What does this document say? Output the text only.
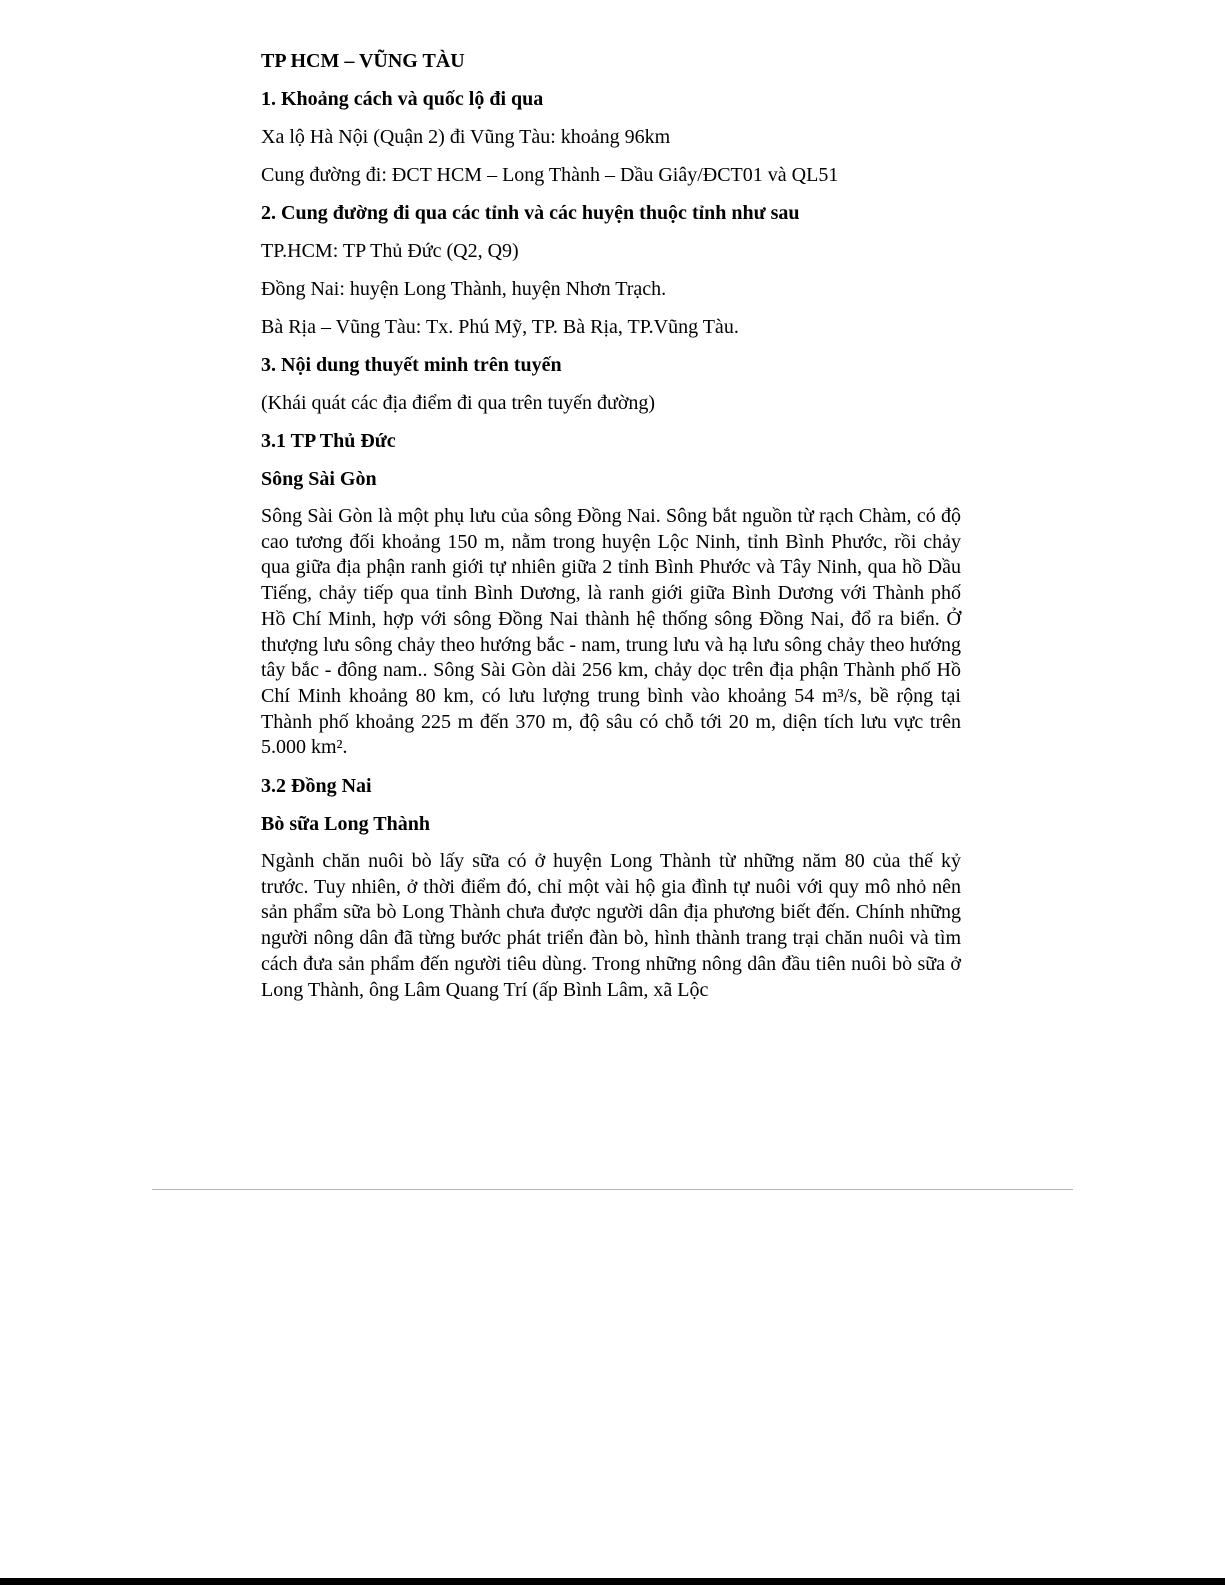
TP HCM – VŨNG TÀU
1. Khoảng cách và quốc lộ đi qua
Xa lộ Hà Nội (Quận 2) đi Vũng Tàu: khoảng 96km
Cung đường đi: ĐCT HCM – Long Thành – Dầu Giây/ĐCT01 và QL51
2. Cung đường đi qua các tỉnh và các huyện thuộc tỉnh như sau
TP.HCM: TP Thủ Đức (Q2, Q9)
Đồng Nai: huyện Long Thành, huyện Nhơn Trạch.
Bà Rịa – Vũng Tàu: Tx. Phú Mỹ, TP. Bà Rịa, TP.Vũng Tàu.
3. Nội dung thuyết minh trên tuyến
(Khái quát các địa điểm đi qua trên tuyến đường)
3.1 TP Thủ Đức
Sông Sài Gòn
Sông Sài Gòn là một phụ lưu của sông Đồng Nai. Sông bắt nguồn từ rạch Chàm, có độ cao tương đối khoảng 150 m, nằm trong huyện Lộc Ninh, tỉnh Bình Phước, rồi chảy qua giữa địa phận ranh giới tự nhiên giữa 2 tỉnh Bình Phước và Tây Ninh, qua hồ Dầu Tiếng, chảy tiếp qua tỉnh Bình Dương, là ranh giới giữa Bình Dương với Thành phố Hồ Chí Minh, hợp với sông Đồng Nai thành hệ thống sông Đồng Nai, đổ ra biển. Ở thượng lưu sông chảy theo hướng bắc - nam, trung lưu và hạ lưu sông chảy theo hướng tây bắc - đông nam.. Sông Sài Gòn dài 256 km, chảy dọc trên địa phận Thành phố Hồ Chí Minh khoảng 80 km, có lưu lượng trung bình vào khoảng 54 m³/s, bề rộng tại Thành phố khoảng 225 m đến 370 m, độ sâu có chỗ tới 20 m, diện tích lưu vực trên 5.000 km².
3.2 Đồng Nai
Bò sữa Long Thành
Ngành chăn nuôi bò lấy sữa có ở huyện Long Thành từ những năm 80 của thế kỷ trước. Tuy nhiên, ở thời điểm đó, chỉ một vài hộ gia đình tự nuôi với quy mô nhỏ nên sản phẩm sữa bò Long Thành chưa được người dân địa phương biết đến. Chính những người nông dân đã từng bước phát triển đàn bò, hình thành trang trại chăn nuôi và tìm cách đưa sản phẩm đến người tiêu dùng. Trong những nông dân đầu tiên nuôi bò sữa ở Long Thành, ông Lâm Quang Trí (ấp Bình Lâm, xã Lộc
